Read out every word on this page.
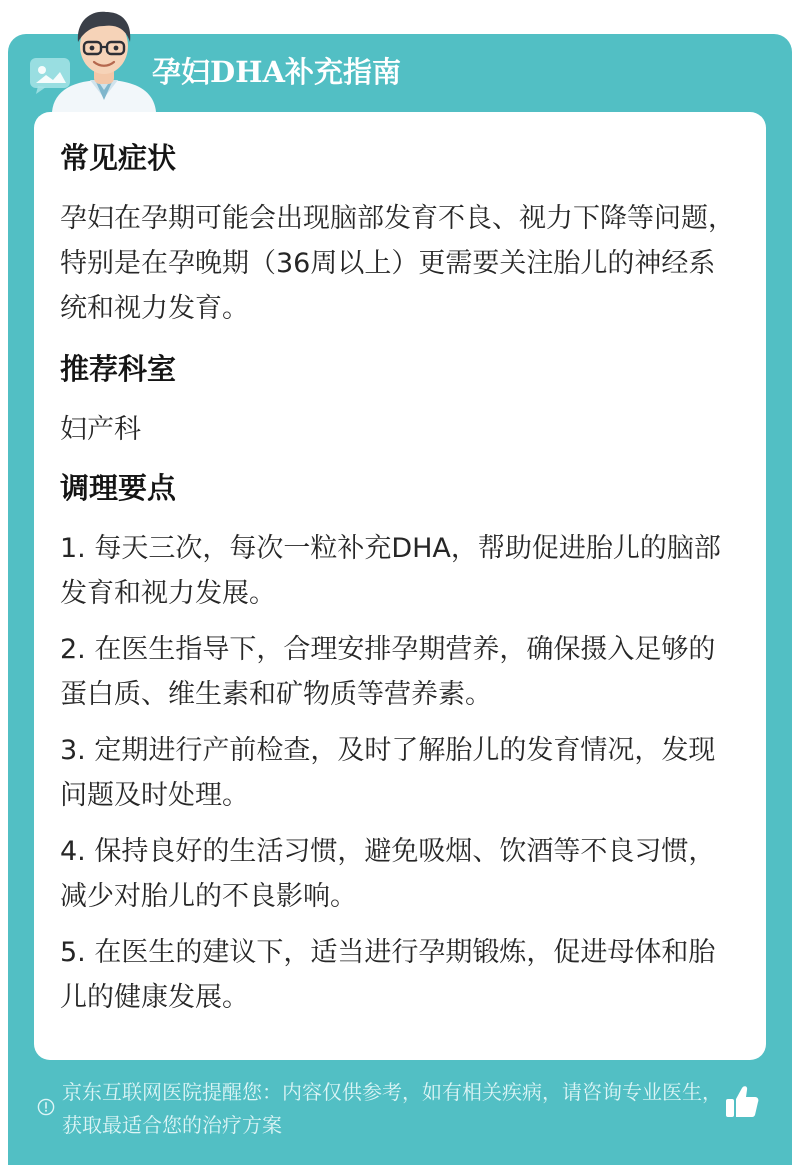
孕妇DHA补充指南
常见症状
孕妇在孕期可能会出现脑部发育不良、视力下降等问题，特别是在孕晚期（36周以上）更需要关注胎儿的神经系统和视力发育。
推荐科室
妇产科
调理要点
1. 每天三次，每次一粒补充DHA，帮助促进胎儿的脑部发育和视力发展。
2. 在医生指导下，合理安排孕期营养，确保摄入足够的蛋白质、维生素和矿物质等营养素。
3. 定期进行产前检查，及时了解胎儿的发育情况，发现问题及时处理。
4. 保持良好的生活习惯，避免吸烟、饮酒等不良习惯，减少对胎儿的不良影响。
5. 在医生的建议下，适当进行孕期锻炼，促进母体和胎儿的健康发展。
京东互联网医院提醒您：内容仅供参考，如有相关疾病，请咨询专业医生，获取最适合您的治疗方案
